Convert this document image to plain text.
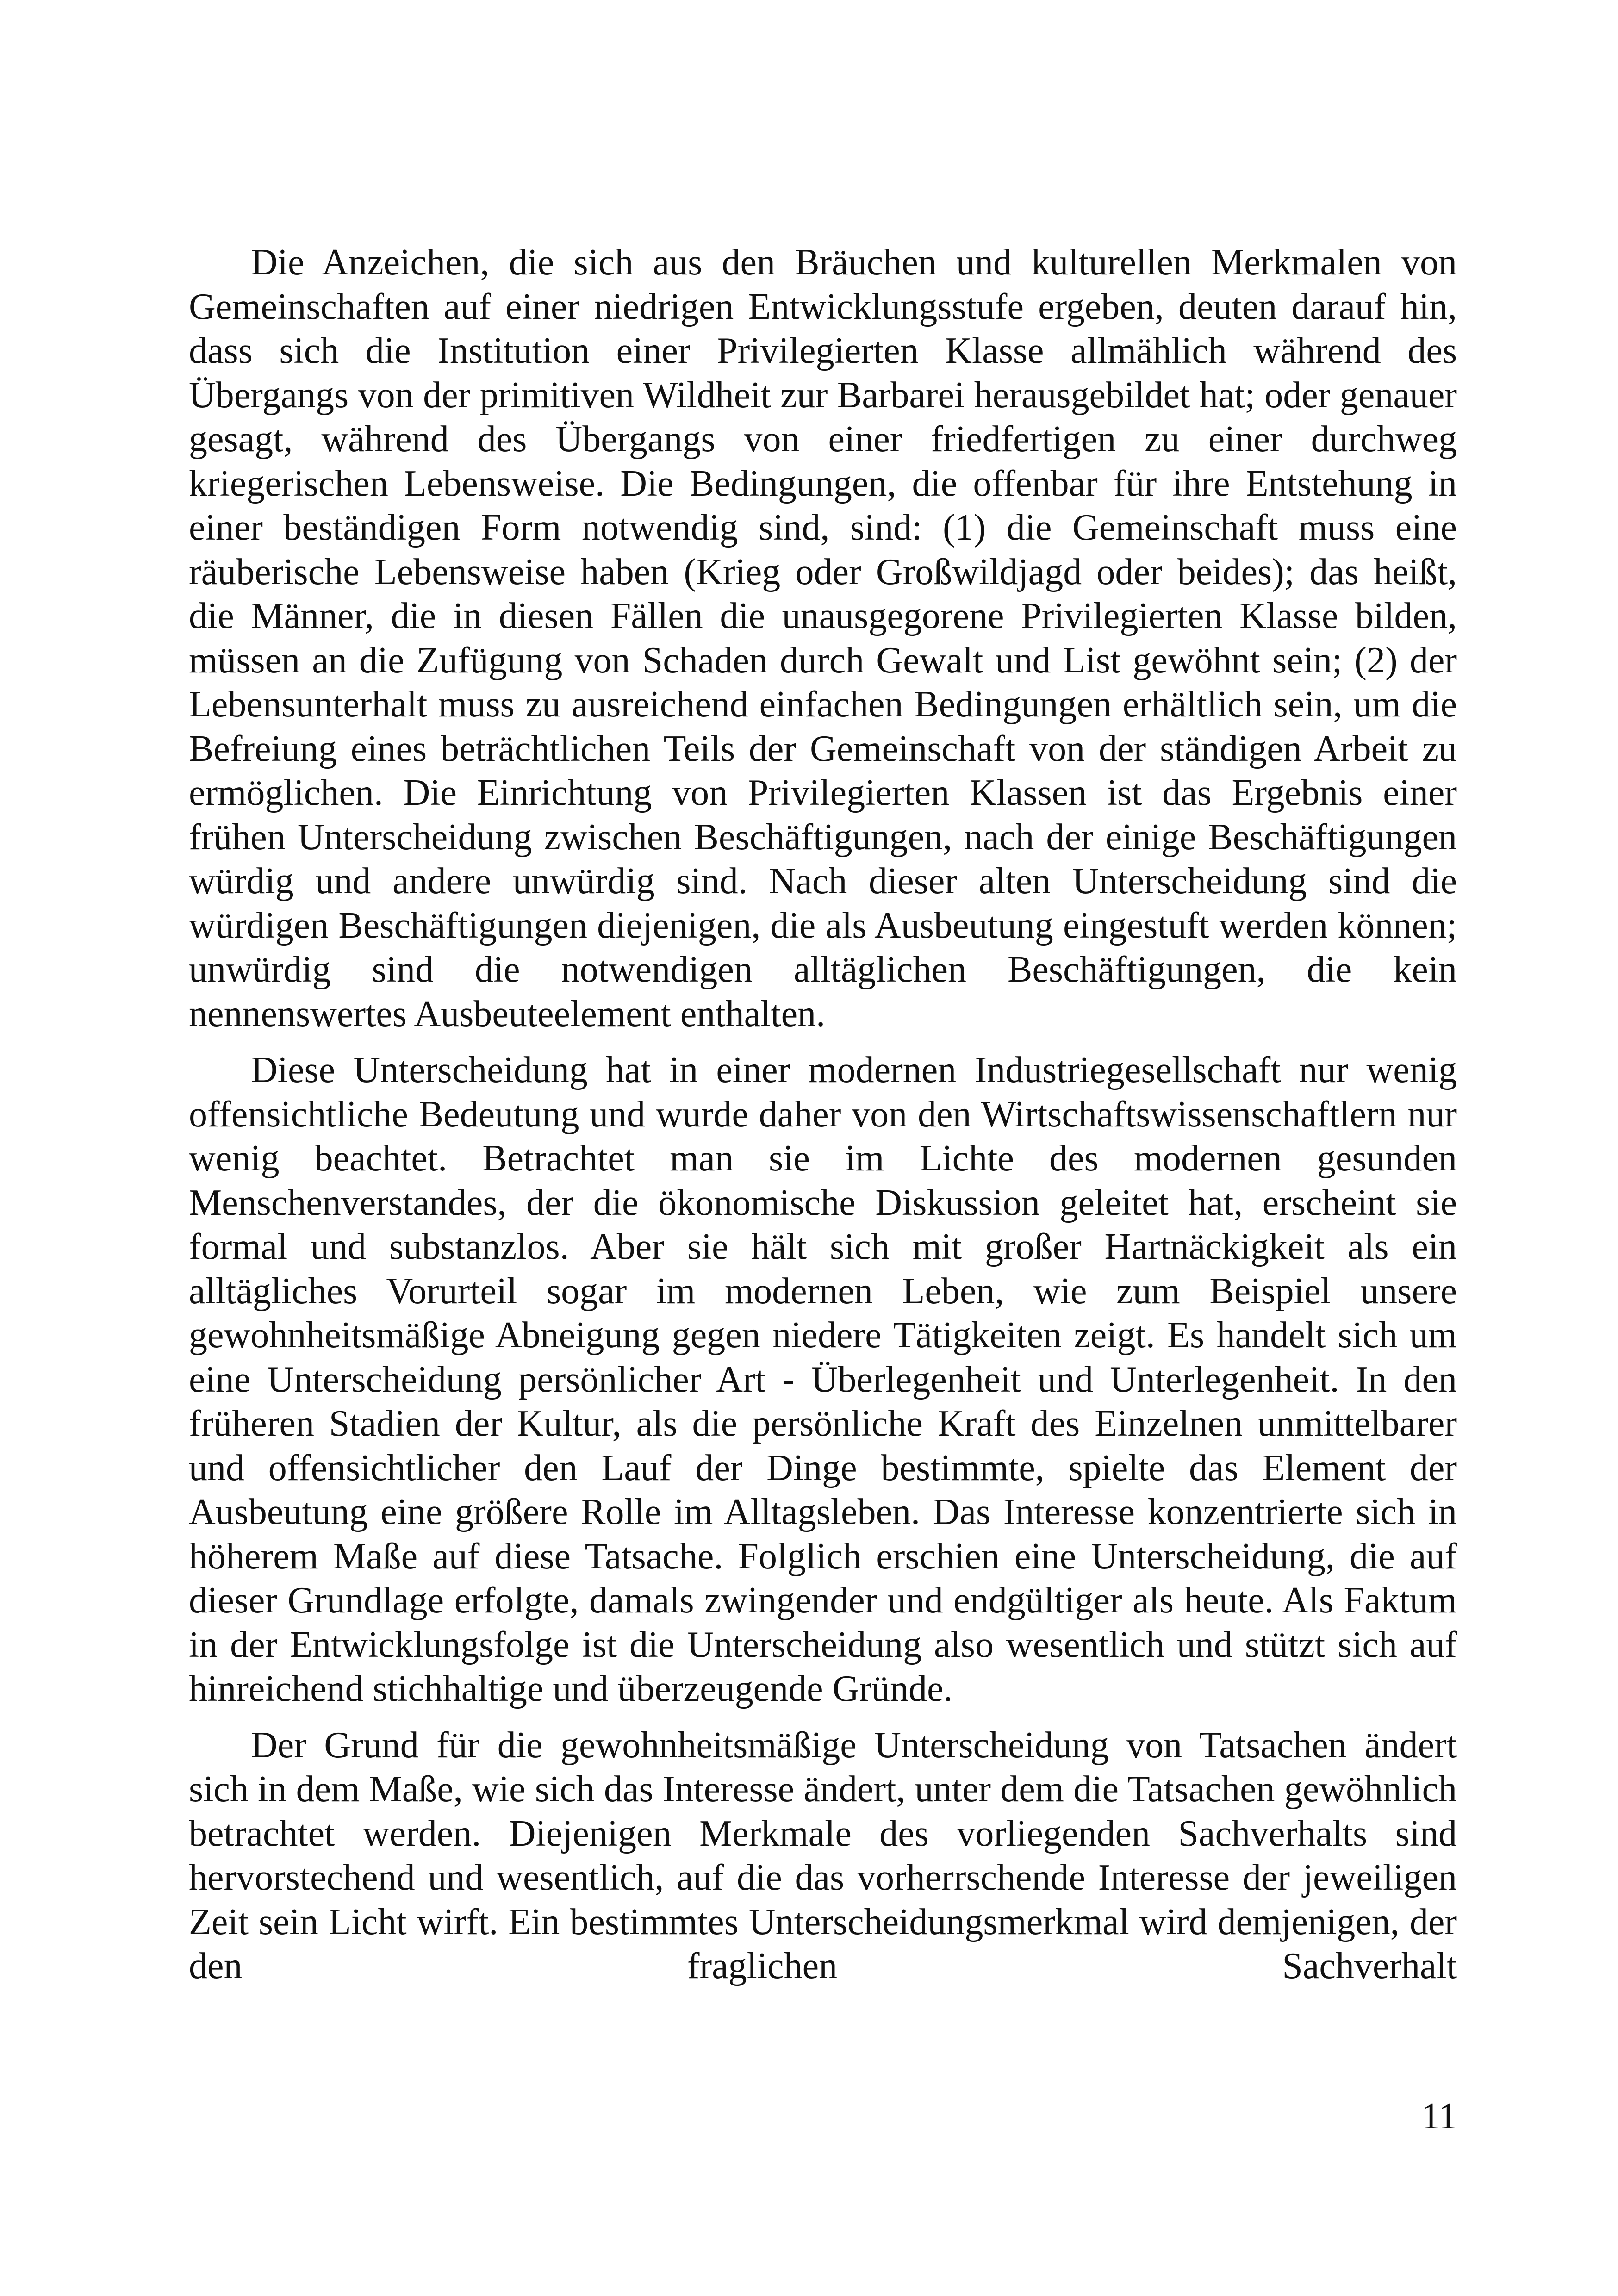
Die Anzeichen, die sich aus den Bräuchen und kulturellen Merkmalen von Gemeinschaften auf einer niedrigen Entwicklungsstufe ergeben, deuten darauf hin, dass sich die Institution einer Privilegierten Klasse allmählich während des Übergangs von der primitiven Wildheit zur Barbarei herausgebildet hat; oder genauer gesagt, während des Übergangs von einer friedfertigen zu einer durchweg kriegerischen Lebensweise. Die Bedingungen, die offenbar für ihre Entstehung in einer beständigen Form notwendig sind, sind: (1) die Gemeinschaft muss eine räuberische Lebensweise haben (Krieg oder Großwildjagd oder beides); das heißt, die Männer, die in diesen Fällen die unausgegorene Privilegierten Klasse bilden, müssen an die Zufügung von Schaden durch Gewalt und List gewöhnt sein; (2) der Lebensunterhalt muss zu ausreichend einfachen Bedingungen erhältlich sein, um die Befreiung eines beträchtlichen Teils der Gemeinschaft von der ständigen Arbeit zu ermöglichen. Die Einrichtung von Privilegierten Klassen ist das Ergebnis einer frühen Unterscheidung zwischen Beschäftigungen, nach der einige Beschäftigungen würdig und andere unwürdig sind. Nach dieser alten Unterscheidung sind die würdigen Beschäftigungen diejenigen, die als Ausbeutung eingestuft werden können; unwürdig sind die notwendigen alltäglichen Beschäftigungen, die kein nennenswertes Ausbeuteelement enthalten.

Diese Unterscheidung hat in einer modernen Industriegesellschaft nur wenig offensichtliche Bedeutung und wurde daher von den Wirtschaftswissenschaftlern nur wenig beachtet. Betrachtet man sie im Lichte des modernen gesunden Menschenverstandes, der die ökonomische Diskussion geleitet hat, erscheint sie formal und substanzlos. Aber sie hält sich mit großer Hartnäckigkeit als ein alltägliches Vorurteil sogar im modernen Leben, wie zum Beispiel unsere gewohnheitsmäßige Abneigung gegen niedere Tätigkeiten zeigt. Es handelt sich um eine Unterscheidung persönlicher Art - Überlegenheit und Unterlegenheit. In den früheren Stadien der Kultur, als die persönliche Kraft des Einzelnen unmittelbarer und offensichtlicher den Lauf der Dinge bestimmte, spielte das Element der Ausbeutung eine größere Rolle im Alltagsleben. Das Interesse konzentrierte sich in höherem Maße auf diese Tatsache. Folglich erschien eine Unterscheidung, die auf dieser Grundlage erfolgte, damals zwingender und endgültiger als heute. Als Faktum in der Entwicklungsfolge ist die Unterscheidung also wesentlich und stützt sich auf hinreichend stichhaltige und überzeugende Gründe.

Der Grund für die gewohnheitsmäßige Unterscheidung von Tatsachen ändert sich in dem Maße, wie sich das Interesse ändert, unter dem die Tatsachen gewöhnlich betrachtet werden. Diejenigen Merkmale des vorliegenden Sachverhalts sind hervorstechend und wesentlich, auf die das vorherrschende Interesse der jeweiligen Zeit sein Licht wirft. Ein bestimmtes Unterscheidungsmerkmal wird demjenigen, der den fraglichen Sachverhalt

11
